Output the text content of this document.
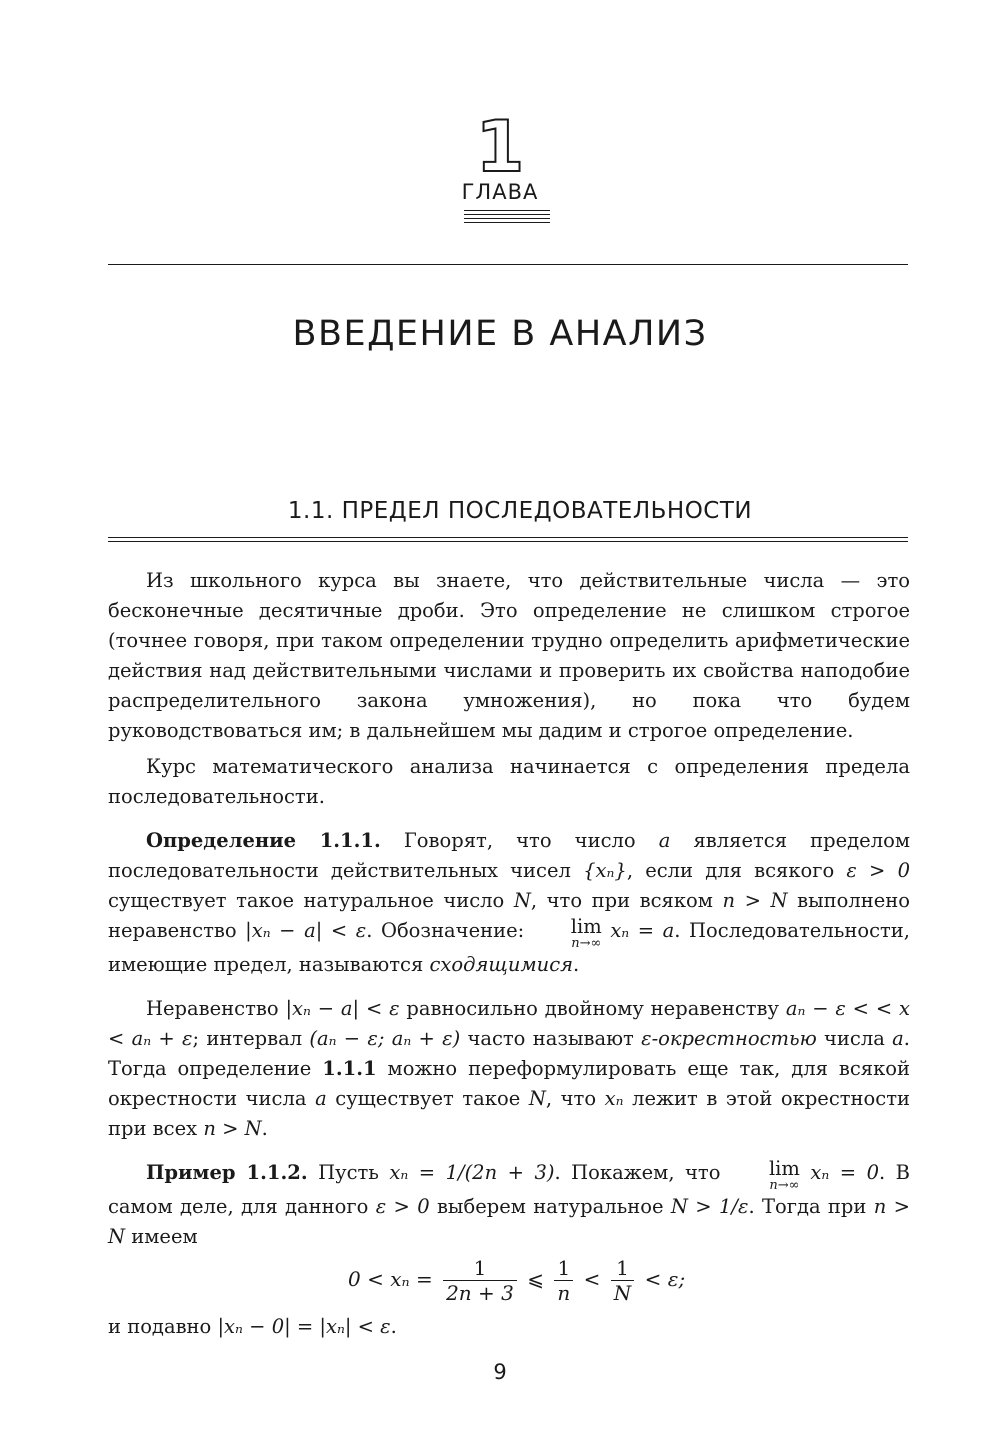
1
ГЛАВА
ВВЕДЕНИЕ В АНАЛИЗ
1.1. ПРЕДЕЛ ПОСЛЕДОВАТЕЛЬНОСТИ

Из школьного курса вы знаете, что действительные числа — это бесконечные десятичные дроби. Это определение не слишком строгое (точнее говоря, при таком определении трудно определить арифметические действия над действительными числами и проверить их свойства наподобие распределительного закона умножения), но пока что будем руководствоваться им; в дальнейшем мы дадим и строгое определение.

Курс математического анализа начинается с определения предела последовательности.

Определение 1.1.1. Говорят, что число a является пределом последовательности действительных чисел {xₙ}, если для всякого ε > 0 существует такое натуральное число N, что при всяком n > N выполнено неравенство |xₙ − a| < ε. Обозначение: lim
n→∞
xₙ = a. Последовательности, имеющие предел, называются сходящимися.

Неравенство |xₙ − a| < ε равносильно двойному неравенству aₙ − ε < < x < aₙ + ε; интервал (aₙ − ε; aₙ + ε) часто называют ε-окрестностью числа a. Тогда определение 1.1.1 можно переформулировать еще так, для всякой окрестности числа a существует такое N, что xₙ лежит в этой окрестности при всех n > N.

Пример 1.1.2. Пусть xₙ = 1/(2n + 3). Покажем, что lim
n→∞
xₙ = 0. В самом деле, для данного ε > 0 выберем натуральное N > 1/ε. Тогда при n > N имеем

$0 < x_n = \frac{1}{2n + 3}$ ⩽ $\frac{1}{n} < \frac{1}{N} < \varepsilon$;

и подавно |xₙ − 0| = |xₙ| < ε.

9
